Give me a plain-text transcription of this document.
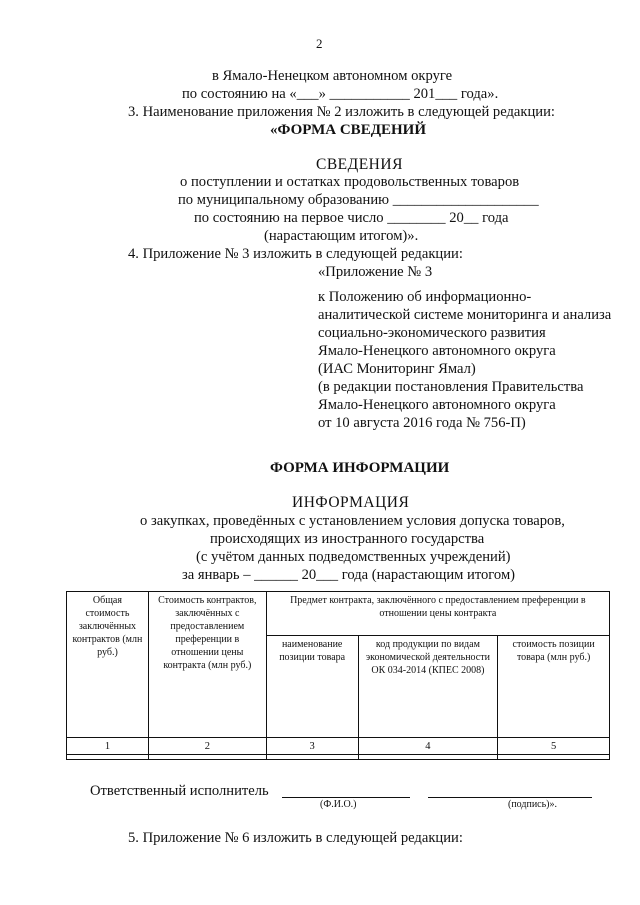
2
в Ямало-Ненецком автономном округе
по состоянию на «___» ___________ 201___ года».
3. Наименование приложения № 2 изложить в следующей редакции:
«ФОРМА СВЕДЕНИЙ
СВЕДЕНИЯ
о поступлении и остатках продовольственных товаров
по муниципальному образованию ____________________
по состоянию на первое число ________ 20__ года
(нарастающим итогом)».
4. Приложение № 3 изложить в следующей редакции:
«Приложение № 3
к Положению об информационно-
аналитической системе мониторинга и анализа
социально-экономического развития
Ямало-Ненецкого автономного округа
(ИАС Мониторинг Ямал)
(в редакции постановления Правительства
Ямало-Ненецкого автономного округа
от 10 августа 2016 года № 756-П)
ФОРМА ИНФОРМАЦИИ
ИНФОРМАЦИЯ
о закупках, проведённых с установлением условия допуска товаров,
происходящих из иностранного государства
(с учётом данных подведомственных учреждений)
за январь – ______ 20___ года (нарастающим итогом)
Общая стоимость заключённых контрактов (млн руб.)	Стоимость контрактов, заключённых с предоставлением преференции в отношении цены контракта (млн руб.)	Предмет контракта, заключённого с предоставлением преференции в отношении цены контракта		
		наименование позиции товара	код продукции по видам экономической деятельности ОК 034-2014 (КПЕС 2008)	стоимость позиции товара (млн руб.)
1	2	3	4	5

Ответственный исполнитель
(Ф.И.О.)	(подпись)».
5. Приложение № 6 изложить в следующей редакции:
